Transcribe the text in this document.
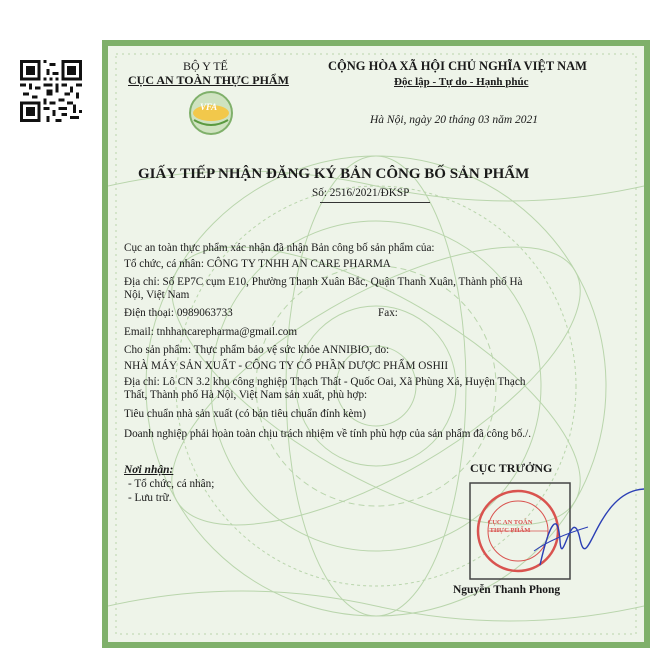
BỘ Y TẾ
CỤC AN TOÀN THỰC PHẨM
VFA
CỘNG HÒA XÃ HỘI CHỦ NGHĨA VIỆT NAM
Độc lập - Tự do - Hạnh phúc
Hà Nội, ngày 20 tháng 03 năm 2021
GIẤY TIẾP NHẬN ĐĂNG KÝ BẢN CÔNG BỐ SẢN PHẨM
Số: 2516/2021/ĐKSP
Cục an toàn thực phẩm xác nhận đã nhận Bản công bố sản phẩm của:
Tổ chức, cá nhân: CÔNG TY TNHH AN CARE PHARMA
Địa chỉ: Số EP7C cụm E10, Phường Thanh Xuân Bắc, Quận Thanh Xuân, Thành phố Hà
Nội, Việt Nam
Điện thoại: 0989063733	Fax:
Email: tnhhancarepharma@gmail.com
Cho sản phẩm: Thực phẩm bảo vệ sức khỏe ANNIBIO, do:
NHÀ MÁY SẢN XUẤT - CÔNG TY CỔ PHẦN DƯỢC PHẨM OSHII
Địa chỉ: Lô CN 3.2 khu công nghiệp Thạch Thất - Quốc Oai, Xã Phùng Xá, Huyện Thạch
Thất, Thành phố Hà Nội, Việt Nam sản xuất, phù hợp:
Tiêu chuẩn nhà sản xuất (có bản tiêu chuẩn đính kèm)
Doanh nghiệp phải hoàn toàn chịu trách nhiệm về tính phù hợp của sản phẩm đã công bố./.
Nơi nhận:
- Tổ chức, cá nhân;
- Lưu trữ.
CỤC TRƯỞNG
CỤC AN TOÀN THỰC PHẨM
Nguyễn Thanh Phong
